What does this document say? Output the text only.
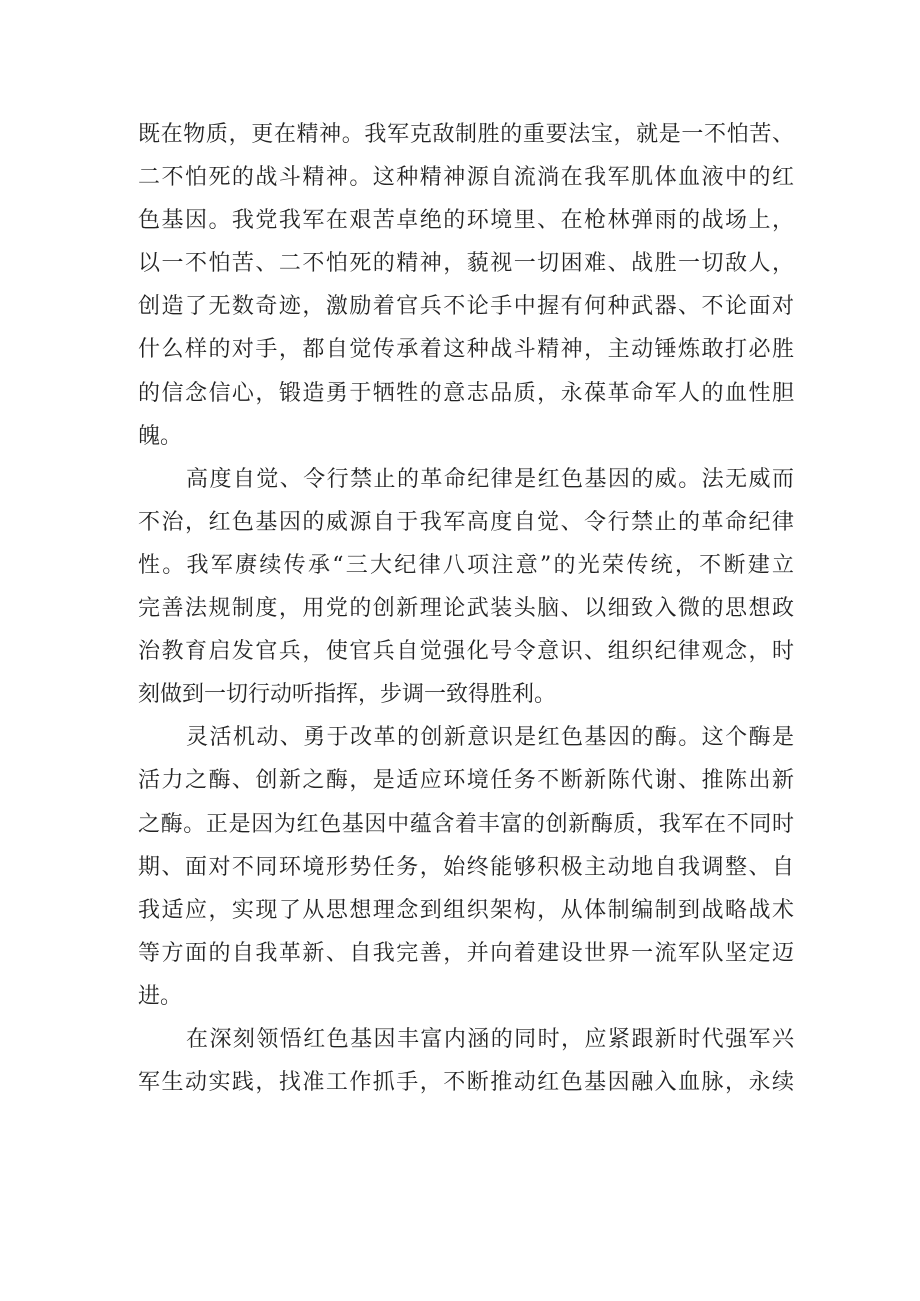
既在物质，更在精神。我军克敌制胜的重要法宝，就是一不怕苦、
二不怕死的战斗精神。这种精神源自流淌在我军肌体血液中的红
色基因。我党我军在艰苦卓绝的环境里、在枪林弹雨的战场上，
以一不怕苦、二不怕死的精神，藐视一切困难、战胜一切敌人，
创造了无数奇迹，激励着官兵不论手中握有何种武器、不论面对
什么样的对手，都自觉传承着这种战斗精神，主动锤炼敢打必胜
的信念信心，锻造勇于牺牲的意志品质，永葆革命军人的血性胆
魄。
高度自觉、令行禁止的革命纪律是红色基因的威。法无威而
不治，红色基因的威源自于我军高度自觉、令行禁止的革命纪律
性。我军赓续传承“三大纪律八项注意”的光荣传统，不断建立
完善法规制度，用党的创新理论武装头脑、以细致入微的思想政
治教育启发官兵，使官兵自觉强化号令意识、组织纪律观念，时
刻做到一切行动听指挥，步调一致得胜利。
灵活机动、勇于改革的创新意识是红色基因的酶。这个酶是
活力之酶、创新之酶，是适应环境任务不断新陈代谢、推陈出新
之酶。正是因为红色基因中蕴含着丰富的创新酶质，我军在不同时
期、面对不同环境形势任务，始终能够积极主动地自我调整、自
我适应，实现了从思想理念到组织架构，从体制编制到战略战术
等方面的自我革新、自我完善，并向着建设世界一流军队坚定迈
进。
在深刻领悟红色基因丰富内涵的同时，应紧跟新时代强军兴
军生动实践，找准工作抓手，不断推动红色基因融入血脉，永续
